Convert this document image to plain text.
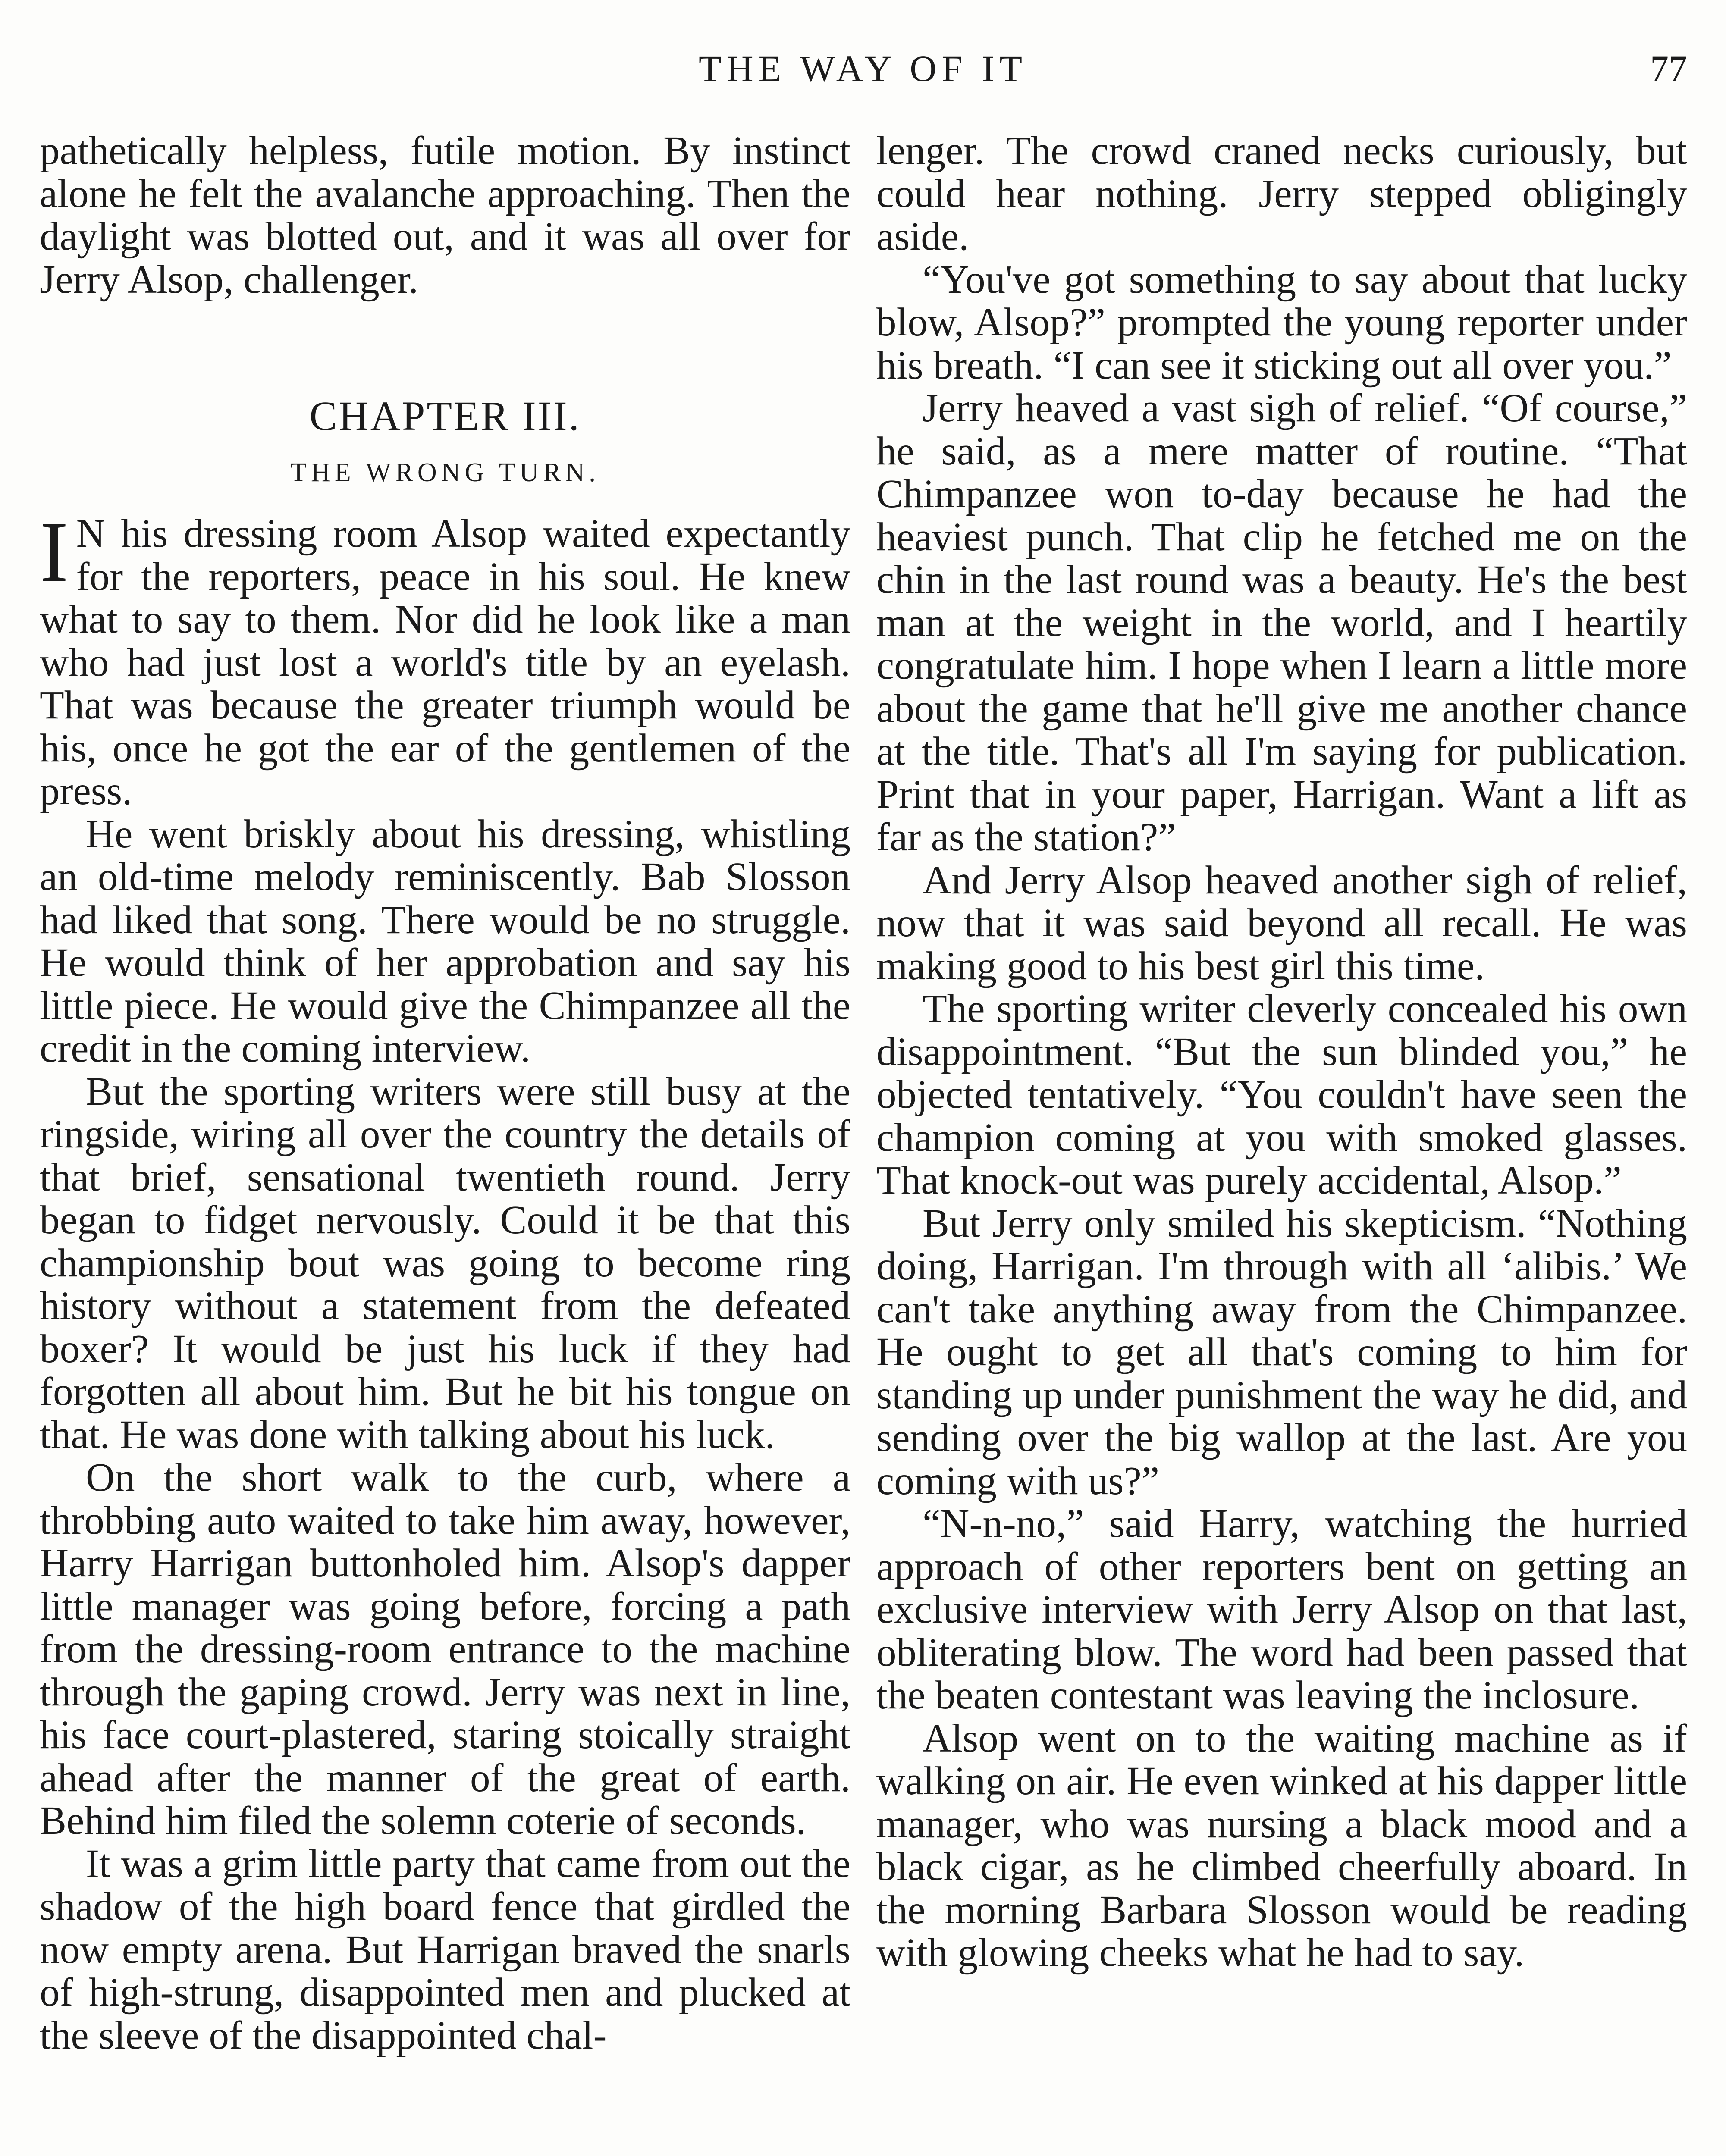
THE WAY OF IT	77

pathetically helpless, futile motion. By instinct alone he felt the avalanche approaching. Then the daylight was blotted out, and it was all over for Jerry Alsop, challenger.

CHAPTER III.
THE WRONG TURN.

I N his dressing room Alsop waited expectantly for the reporters, peace in his soul. He knew what to say to them. Nor did he look like a man who had just lost a world's title by an eyelash. That was because the greater triumph would be his, once he got the ear of the gentlemen of the press.

He went briskly about his dressing, whistling an old-time melody reminiscently. Bab Slosson had liked that song. There would be no struggle. He would think of her approbation and say his little piece. He would give the Chimpanzee all the credit in the coming interview.

But the sporting writers were still busy at the ringside, wiring all over the country the details of that brief, sensational twentieth round. Jerry began to fidget nervously. Could it be that this championship bout was going to become ring history without a statement from the defeated boxer? It would be just his luck if they had forgotten all about him. But he bit his tongue on that. He was done with talking about his luck.

On the short walk to the curb, where a throbbing auto waited to take him away, however, Harry Harrigan buttonholed him. Alsop's dapper little manager was going before, forcing a path from the dressing-room entrance to the machine through the gaping crowd. Jerry was next in line, his face court-plastered, staring stoically straight ahead after the manner of the great of earth. Behind him filed the solemn coterie of seconds.

It was a grim little party that came from out the shadow of the high board fence that girdled the now empty arena. But Harrigan braved the snarls of high-strung, disappointed men and plucked at the sleeve of the disappointed chal-

lenger. The crowd craned necks curiously, but could hear nothing. Jerry stepped obligingly aside.

“You've got something to say about that lucky blow, Alsop?” prompted the young reporter under his breath. “I can see it sticking out all over you.”

Jerry heaved a vast sigh of relief. “Of course,” he said, as a mere matter of routine. “That Chimpanzee won to-day because he had the heaviest punch. That clip he fetched me on the chin in the last round was a beauty. He's the best man at the weight in the world, and I heartily congratulate him. I hope when I learn a little more about the game that he'll give me another chance at the title. That's all I'm saying for publication. Print that in your paper, Harrigan. Want a lift as far as the station?”

And Jerry Alsop heaved another sigh of relief, now that it was said beyond all recall. He was making good to his best girl this time.

The sporting writer cleverly concealed his own disappointment. “But the sun blinded you,” he objected tentatively. “You couldn't have seen the champion coming at you with smoked glasses. That knock-out was purely accidental, Alsop.”

But Jerry only smiled his skepticism. “Nothing doing, Harrigan. I'm through with all ‘alibis.’ We can't take anything away from the Chimpanzee. He ought to get all that's coming to him for standing up under punishment the way he did, and sending over the big wallop at the last. Are you coming with us?”

“N-n-no,” said Harry, watching the hurried approach of other reporters bent on getting an exclusive interview with Jerry Alsop on that last, obliterating blow. The word had been passed that the beaten contestant was leaving the inclosure.

Alsop went on to the waiting machine as if walking on air. He even winked at his dapper little manager, who was nursing a black mood and a black cigar, as he climbed cheerfully aboard. In the morning Barbara Slosson would be reading with glowing cheeks what he had to say.
